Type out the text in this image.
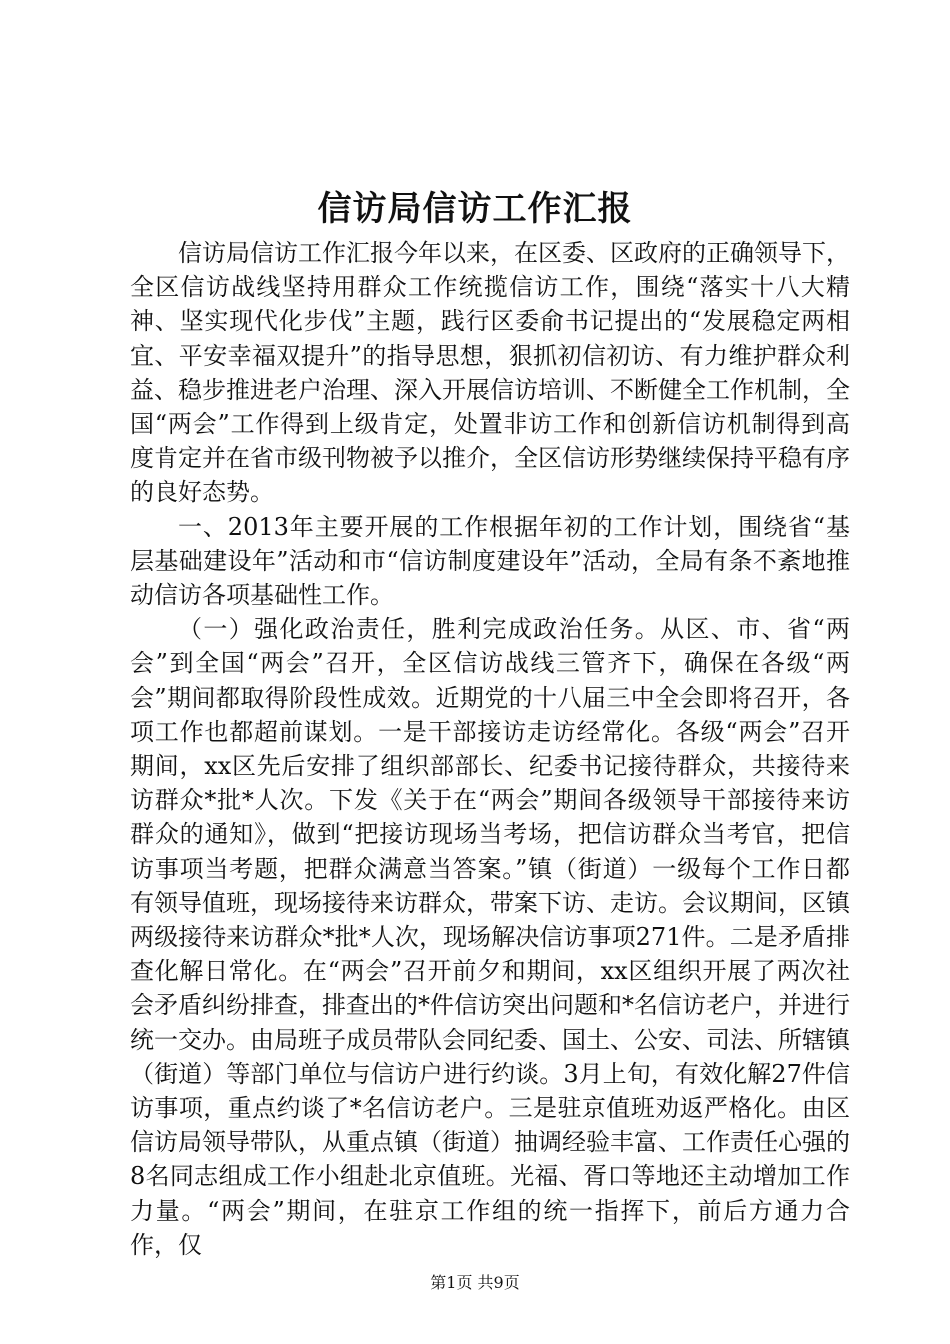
信访局信访工作汇报

信访局信访工作汇报今年以来，在区委、区政府的正确领导下，全区信访战线坚持用群众工作统揽信访工作，围绕“落实十八大精神、坚实现代化步伐”主题，践行区委俞书记提出的“发展稳定两相宜、平安幸福双提升”的指导思想，狠抓初信初访、有力维护群众利益、稳步推进老户治理、深入开展信访培训、不断健全工作机制，全国“两会”工作得到上级肯定，处置非访工作和创新信访机制得到高度肯定并在省市级刊物被予以推介，全区信访形势继续保持平稳有序的良好态势。

一、2013年主要开展的工作根据年初的工作计划，围绕省“基层基础建设年”活动和市“信访制度建设年”活动，全局有条不紊地推动信访各项基础性工作。

（一）强化政治责任，胜利完成政治任务。从区、市、省“两会”到全国“两会”召开，全区信访战线三管齐下，确保在各级“两会”期间都取得阶段性成效。近期党的十八届三中全会即将召开，各项工作也都超前谋划。一是干部接访走访经常化。各级“两会”召开期间，xx区先后安排了组织部部长、纪委书记接待群众，共接待来访群众*批*人次。下发《关于在“两会”期间各级领导干部接待来访群众的通知》，做到“把接访现场当考场，把信访群众当考官，把信访事项当考题，把群众满意当答案。”镇（街道）一级每个工作日都有领导值班，现场接待来访群众，带案下访、走访。会议期间，区镇两级接待来访群众*批*人次，现场解决信访事项271件。二是矛盾排查化解日常化。在“两会”召开前夕和期间，xx区组织开展了两次社会矛盾纠纷排查，排查出的*件信访突出问题和*名信访老户，并进行统一交办。由局班子成员带队会同纪委、国土、公安、司法、所辖镇（街道）等部门单位与信访户进行约谈。3月上旬，有效化解27件信访事项，重点约谈了*名信访老户。三是驻京值班劝返严格化。由区信访局领导带队，从重点镇（街道）抽调经验丰富、工作责任心强的8名同志组成工作小组赴北京值班。光福、胥口等地还主动增加工作力量。“两会”期间，在驻京工作组的统一指挥下，前后方通力合作，仅

第1页 共9页
